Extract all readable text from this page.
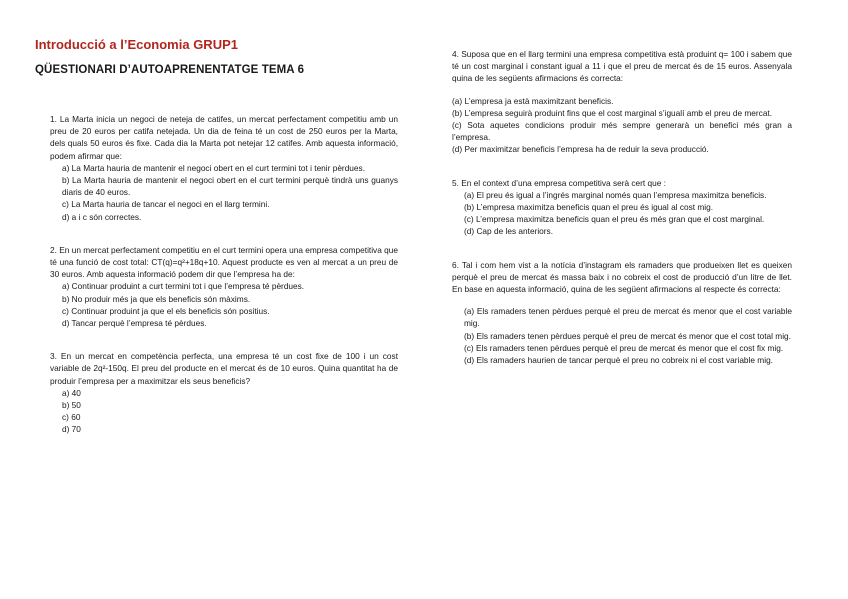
Introducció a l’Economia GRUP1
QÜESTIONARI D’AUTOAPRENENTATGE TEMA 6

1. La Marta inicia un negoci de neteja de catifes, un mercat perfectament competitiu amb un preu de 20 euros per catifa netejada. Un dia de feina té un cost de 250 euros per la Marta, dels quals 50 euros és fixe. Cada dia la Marta pot netejar 12 catifes. Amb aquesta informació, podem afirmar que:

a) La Marta hauria de mantenir el negoci obert en el curt termini tot i tenir pèrdues.

b) La Marta hauria de mantenir el negoci obert en el curt termini perquè tindrà uns guanys diaris de 40 euros.

c) La Marta hauria de tancar el negoci en el llarg termini.

d) a i c són correctes.

2. En un mercat perfectament competitiu en el curt termini opera una empresa competitiva que té una funció de cost total: CT(q)=q²+18q+10. Aquest producte es ven al mercat a un preu de 30 euros. Amb aquesta informació podem dir que l’empresa ha de:

a) Continuar produint a curt termini tot i que l’empresa té pèrdues.

b) No produir més ja que els beneficis són màxims.

c) Continuar produint ja que el els beneficis són positius.

d) Tancar perquè l’empresa té pèrdues.

3. En un mercat en competència perfecta, una empresa té un cost fixe de 100 i un cost variable de 2q²-150q. El preu del producte en el mercat és de 10 euros. Quina quantitat ha de produir l’empresa per a maximitzar els seus beneficis?

a) 40

b) 50

c) 60

d) 70

4. Suposa que en el llarg termini una empresa competitiva està produint q= 100 i sabem que té un cost marginal i constant igual a 11 i que el preu de mercat és de 15 euros. Assenyala quina de les següents afirmacions és correcta:

(a) L’empresa ja està maximitzant beneficis.

(b) L’empresa seguirà produint fins que el cost marginal s’igualí amb el preu de mercat.

(c) Sota aquetes condicions produir més sempre generarà un benefici més gran a l’empresa.

(d) Per maximitzar beneficis l’empresa ha de reduir la seva producció.

5. En el context d’una empresa competitiva serà cert que :

(a) El preu és igual a l’ingrés marginal només quan l’empresa maximitza beneficis.

(b) L’empresa maximitza beneficis quan el preu és igual al cost mig.

(c) L’empresa maximitza beneficis quan el preu és més gran que el cost marginal.

(d) Cap de les anteriors.

6. Tal i com hem vist a la notícia d’instagram els ramaders que produeixen llet es queixen perquè el preu de mercat és massa baix i no cobreix el cost de producció d’un litre de llet. En base en aquesta informació, quina de les següent afirmacions al respecte és correcta:

(a) Els ramaders tenen pèrdues perquè el preu de mercat és menor que el cost variable mig.

(b) Els ramaders tenen pèrdues perquè el preu de mercat és menor que el cost total mig.

(c) Els ramaders tenen pèrdues perquè el preu de mercat és menor que el cost fix mig.

(d) Els ramaders haurien de tancar perquè el preu no cobreix ni el cost variable mig.
